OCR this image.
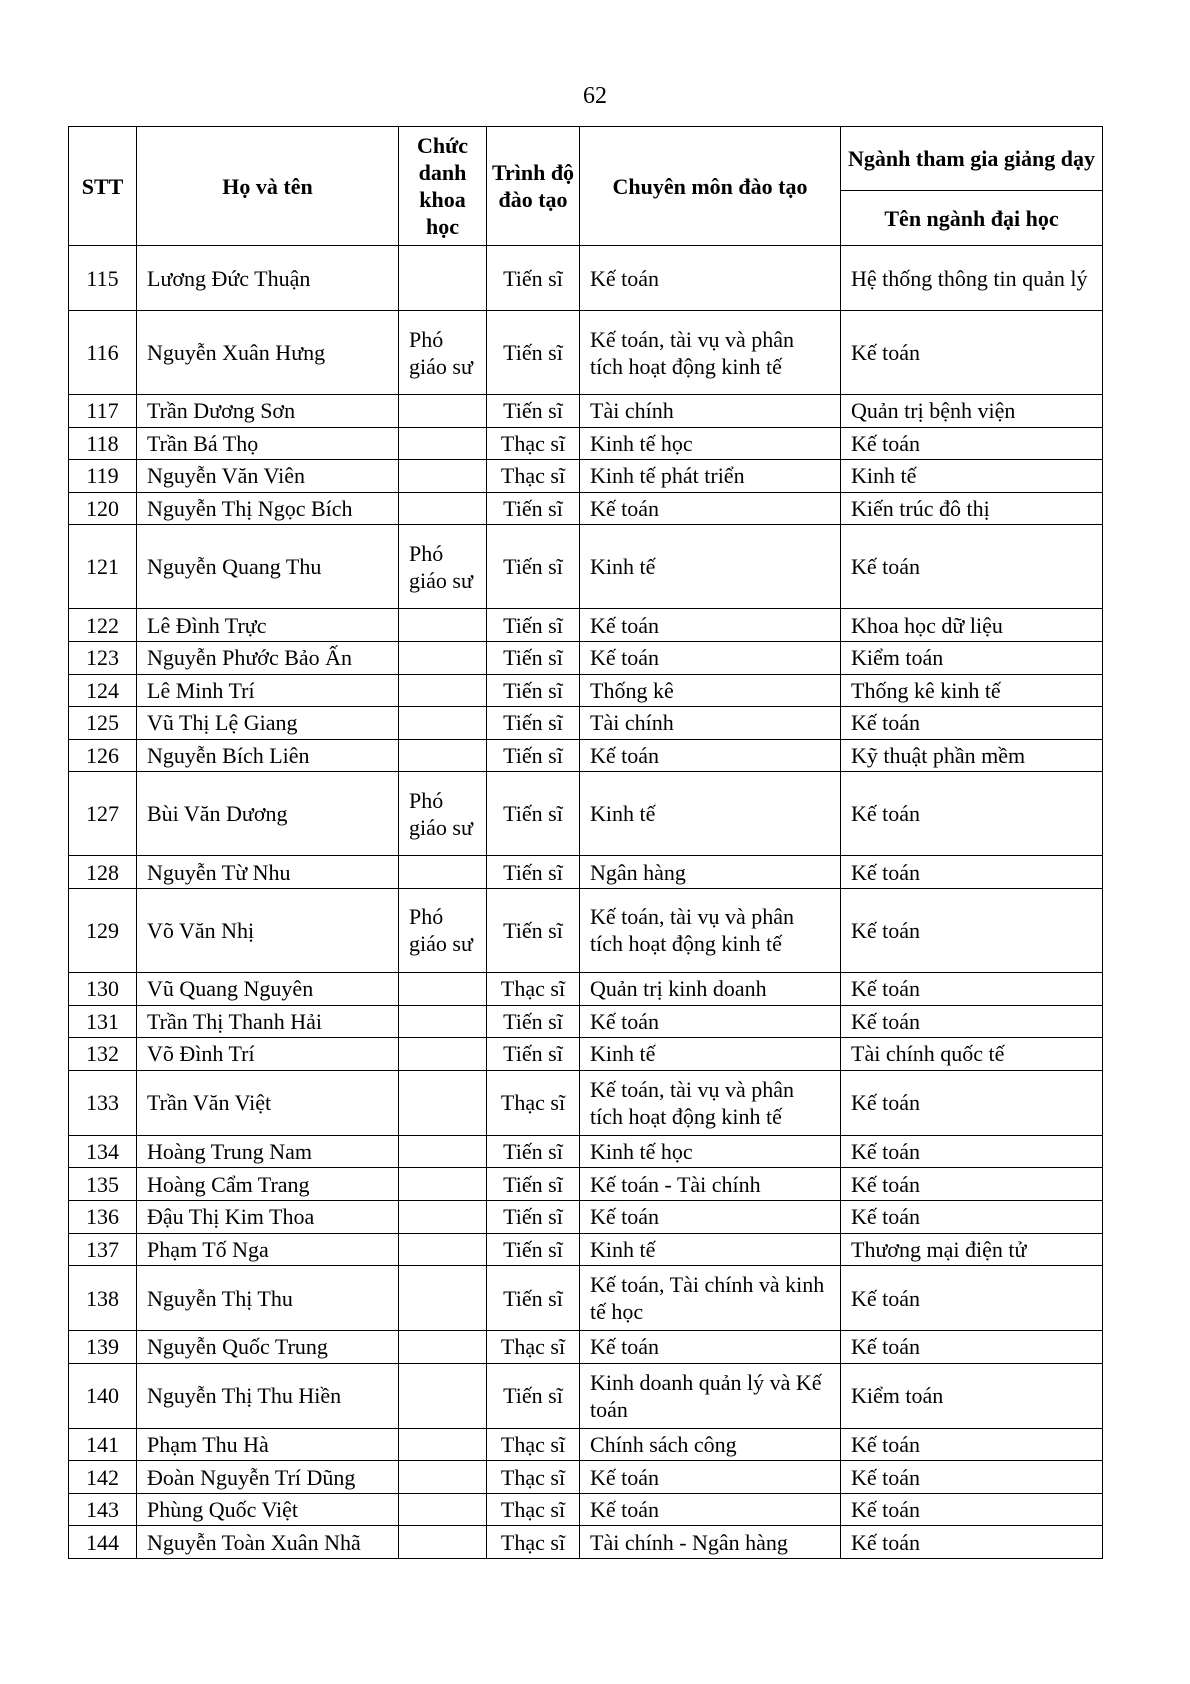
62
STT	Họ và tên	Chức danh khoa học	Trình độ đào tạo	Chuyên môn đào tạo	Ngành tham gia giảng dạy
					Tên ngành đại học
115	Lương Đức Thuận		Tiến sĩ	Kế toán	Hệ thống thông tin quản lý
116	Nguyễn Xuân Hưng	Phó giáo sư	Tiến sĩ	Kế toán, tài vụ và phân tích hoạt động kinh tế	Kế toán
117	Trần Dương Sơn		Tiến sĩ	Tài chính	Quản trị bệnh viện
118	Trần Bá Thọ		Thạc sĩ	Kinh tế học	Kế toán
119	Nguyễn Văn Viên		Thạc sĩ	Kinh tế phát triển	Kinh tế
120	Nguyễn Thị Ngọc Bích		Tiến sĩ	Kế toán	Kiến trúc đô thị
121	Nguyễn Quang Thu	Phó giáo sư	Tiến sĩ	Kinh tế	Kế toán
122	Lê Đình Trực		Tiến sĩ	Kế toán	Khoa học dữ liệu
123	Nguyễn Phước Bảo Ấn		Tiến sĩ	Kế toán	Kiểm toán
124	Lê Minh Trí		Tiến sĩ	Thống kê	Thống kê kinh tế
125	Vũ Thị Lệ Giang		Tiến sĩ	Tài chính	Kế toán
126	Nguyễn Bích Liên		Tiến sĩ	Kế toán	Kỹ thuật phần mềm
127	Bùi Văn Dương	Phó giáo sư	Tiến sĩ	Kinh tế	Kế toán
128	Nguyễn Từ Nhu		Tiến sĩ	Ngân hàng	Kế toán
129	Võ Văn Nhị	Phó giáo sư	Tiến sĩ	Kế toán, tài vụ và phân tích hoạt động kinh tế	Kế toán
130	Vũ Quang Nguyên		Thạc sĩ	Quản trị kinh doanh	Kế toán
131	Trần Thị Thanh Hải		Tiến sĩ	Kế toán	Kế toán
132	Võ Đình Trí		Tiến sĩ	Kinh tế	Tài chính quốc tế
133	Trần Văn Việt		Thạc sĩ	Kế toán, tài vụ và phân tích hoạt động kinh tế	Kế toán
134	Hoàng Trung Nam		Tiến sĩ	Kinh tế học	Kế toán
135	Hoàng Cẩm Trang		Tiến sĩ	Kế toán - Tài chính	Kế toán
136	Đậu Thị Kim Thoa		Tiến sĩ	Kế toán	Kế toán
137	Phạm Tố Nga		Tiến sĩ	Kinh tế	Thương mại điện tử
138	Nguyễn Thị Thu		Tiến sĩ	Kế toán, Tài chính và kinh tế học	Kế toán
139	Nguyễn Quốc Trung		Thạc sĩ	Kế toán	Kế toán
140	Nguyễn Thị Thu Hiền		Tiến sĩ	Kinh doanh quản lý và Kế toán	Kiểm toán
141	Phạm Thu Hà		Thạc sĩ	Chính sách công	Kế toán
142	Đoàn Nguyễn Trí Dũng		Thạc sĩ	Kế toán	Kế toán
143	Phùng Quốc Việt		Thạc sĩ	Kế toán	Kế toán
144	Nguyễn Toàn Xuân Nhã		Thạc sĩ	Tài chính - Ngân hàng	Kế toán
